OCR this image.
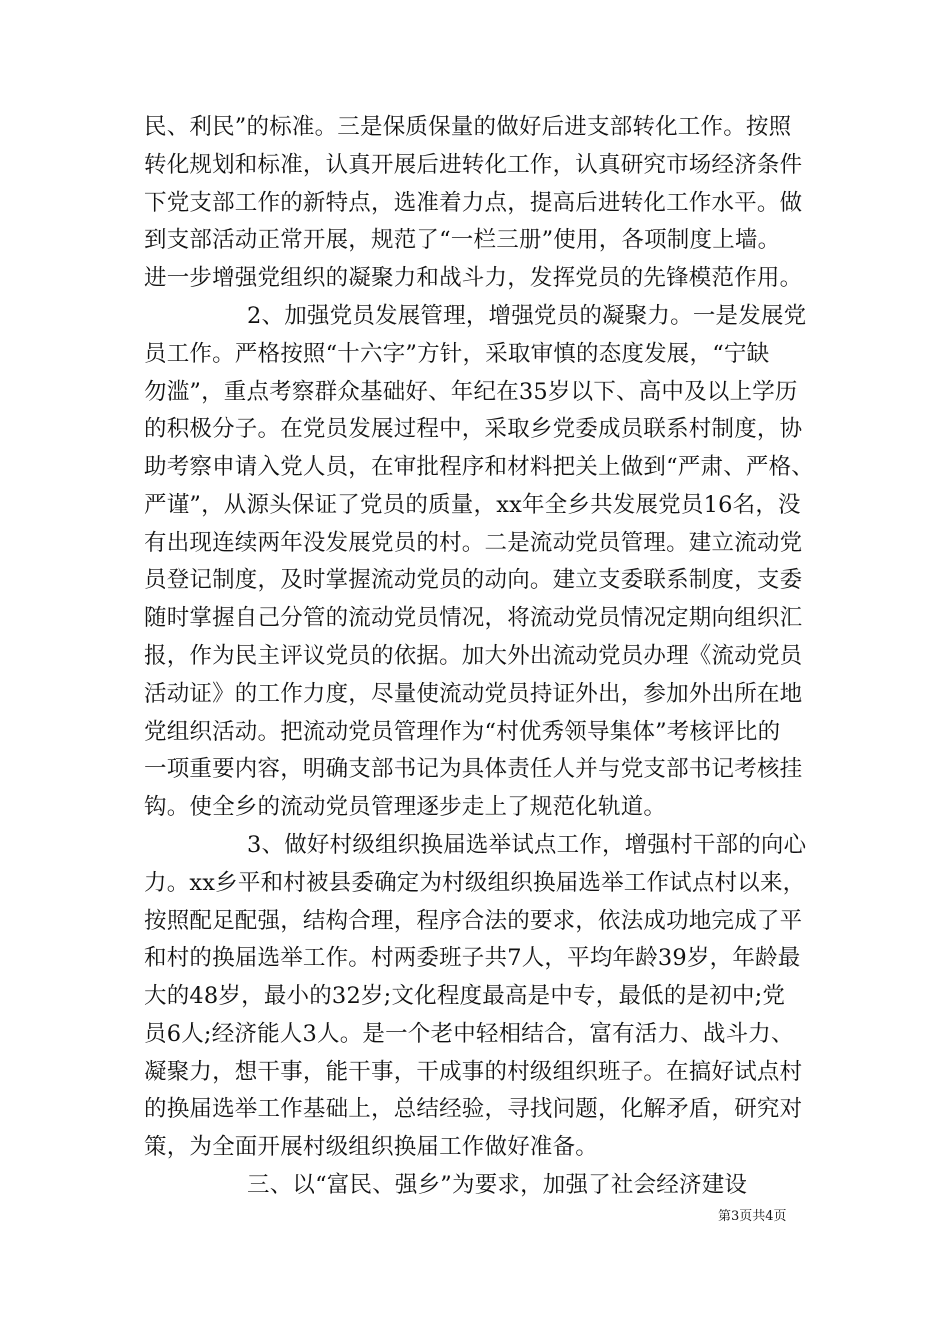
民、利民”的标准。三是保质保量的做好后进支部转化工作。按照
转化规划和标准，认真开展后进转化工作，认真研究市场经济条件
下党支部工作的新特点，选准着力点，提高后进转化工作水平。做
到支部活动正常开展，规范了“一栏三册”使用，各项制度上墙。
进一步增强党组织的凝聚力和战斗力，发挥党员的先锋模范作用。
2、加强党员发展管理，增强党员的凝聚力。一是发展党
员工作。严格按照“十六字”方针，采取审慎的态度发展，“宁缺
勿滥”，重点考察群众基础好、年纪在35岁以下、高中及以上学历
的积极分子。在党员发展过程中，采取乡党委成员联系村制度，协
助考察申请入党人员，在审批程序和材料把关上做到“严肃、严格、
严谨”，从源头保证了党员的质量，xx年全乡共发展党员16名，没
有出现连续两年没发展党员的村。二是流动党员管理。建立流动党
员登记制度，及时掌握流动党员的动向。建立支委联系制度，支委
随时掌握自己分管的流动党员情况，将流动党员情况定期向组织汇
报，作为民主评议党员的依据。加大外出流动党员办理《流动党员
活动证》的工作力度，尽量使流动党员持证外出，参加外出所在地
党组织活动。把流动党员管理作为“村优秀领导集体”考核评比的
一项重要内容，明确支部书记为具体责任人并与党支部书记考核挂
钩。使全乡的流动党员管理逐步走上了规范化轨道。
3、做好村级组织换届选举试点工作，增强村干部的向心
力。xx乡平和村被县委确定为村级组织换届选举工作试点村以来，
按照配足配强，结构合理，程序合法的要求，依法成功地完成了平
和村的换届选举工作。村两委班子共7人，平均年龄39岁，年龄最
大的48岁，最小的32岁;文化程度最高是中专，最低的是初中;党
员6人;经济能人3人。是一个老中轻相结合，富有活力、战斗力、
凝聚力，想干事，能干事，干成事的村级组织班子。在搞好试点村
的换届选举工作基础上，总结经验，寻找问题，化解矛盾，研究对
策，为全面开展村级组织换届工作做好准备。
三、以“富民、强乡”为要求，加强了社会经济建设
第3页共4页
